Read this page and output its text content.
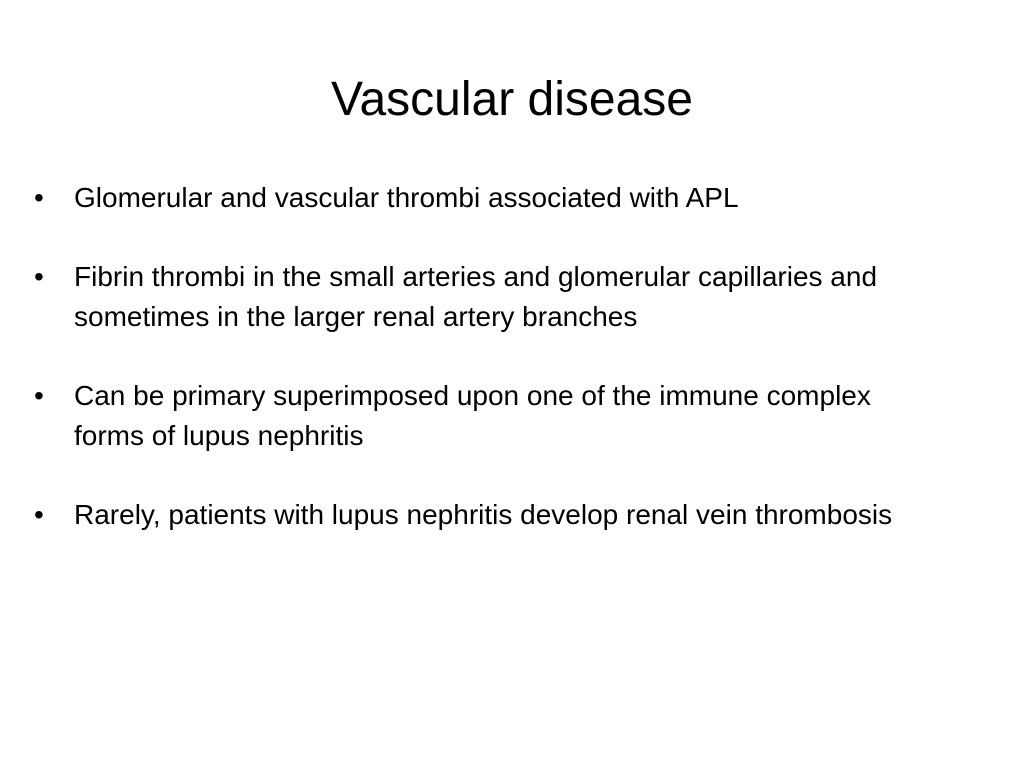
Vascular disease
•	Glomerular and vascular thrombi associated with APL
•	Fibrin thrombi in the small arteries and glomerular capillaries and sometimes in the larger renal artery branches
•	Can be primary superimposed upon one of the immune complex forms of lupus nephritis
•	Rarely, patients with lupus nephritis develop renal vein thrombosis
